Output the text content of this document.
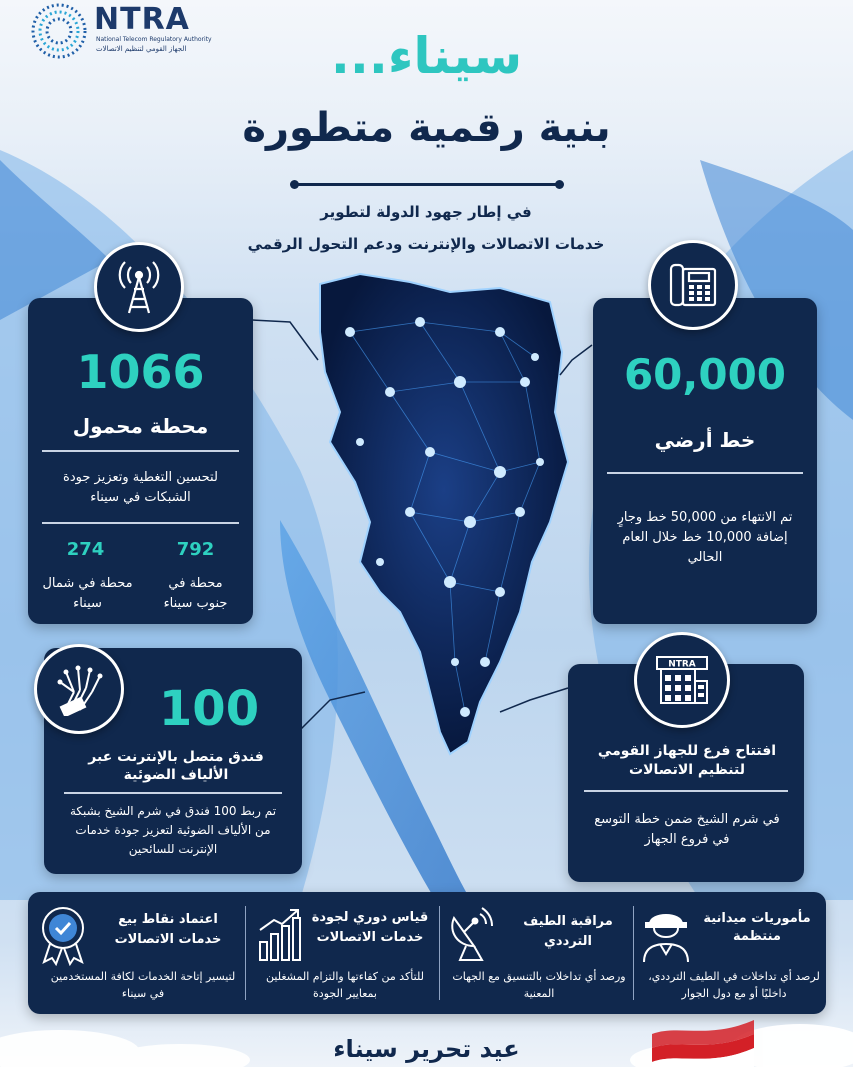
NTRA
National Telecom Regulatory Authority
الجهاز القومي لتنظيم الاتصالات	سيناء...
بنية رقمية متطورة
في إطار جهود الدولة لتطوير
خدمات الاتصالات والإنترنت ودعم التحول الرقمي
1066
محطة محمول
لتحسين التغطية وتعزيز جودة الشبكات في سيناء
792
محطة في جنوب سيناء
274
محطة في شمال سيناء
60,000
خط أرضي
تم الانتهاء من 50,000 خط وجارٍ إضافة 10,000 خط خلال العام الحالي
100
فندق متصل بالإنترنت عبر الألياف الضوئية
تم ربط 100 فندق في شرم الشيخ بشبكة من الألياف الضوئية لتعزيز جودة خدمات الإنترنت للسائحين
افتتاح فرع للجهاز القومي لتنظيم الاتصالات
في شرم الشيخ ضمن خطة التوسع في فروع الجهاز
NTRA
مأموريات ميدانية منتظمة
لرصد أي تداخلات في الطيف الترددي، داخليًا أو مع دول الجوار
مراقبة الطيف الترددي
ورصد أي تداخلات بالتنسيق مع الجهات المعنية
قياس دوري لجودة خدمات الاتصالات
للتأكد من كفاءتها والتزام المشغلين بمعايير الجودة
اعتماد نقاط بيع خدمات الاتصالات
لتيسير إتاحة الخدمات لكافة المستخدمين في سيناء
عيد تحرير سيناء
